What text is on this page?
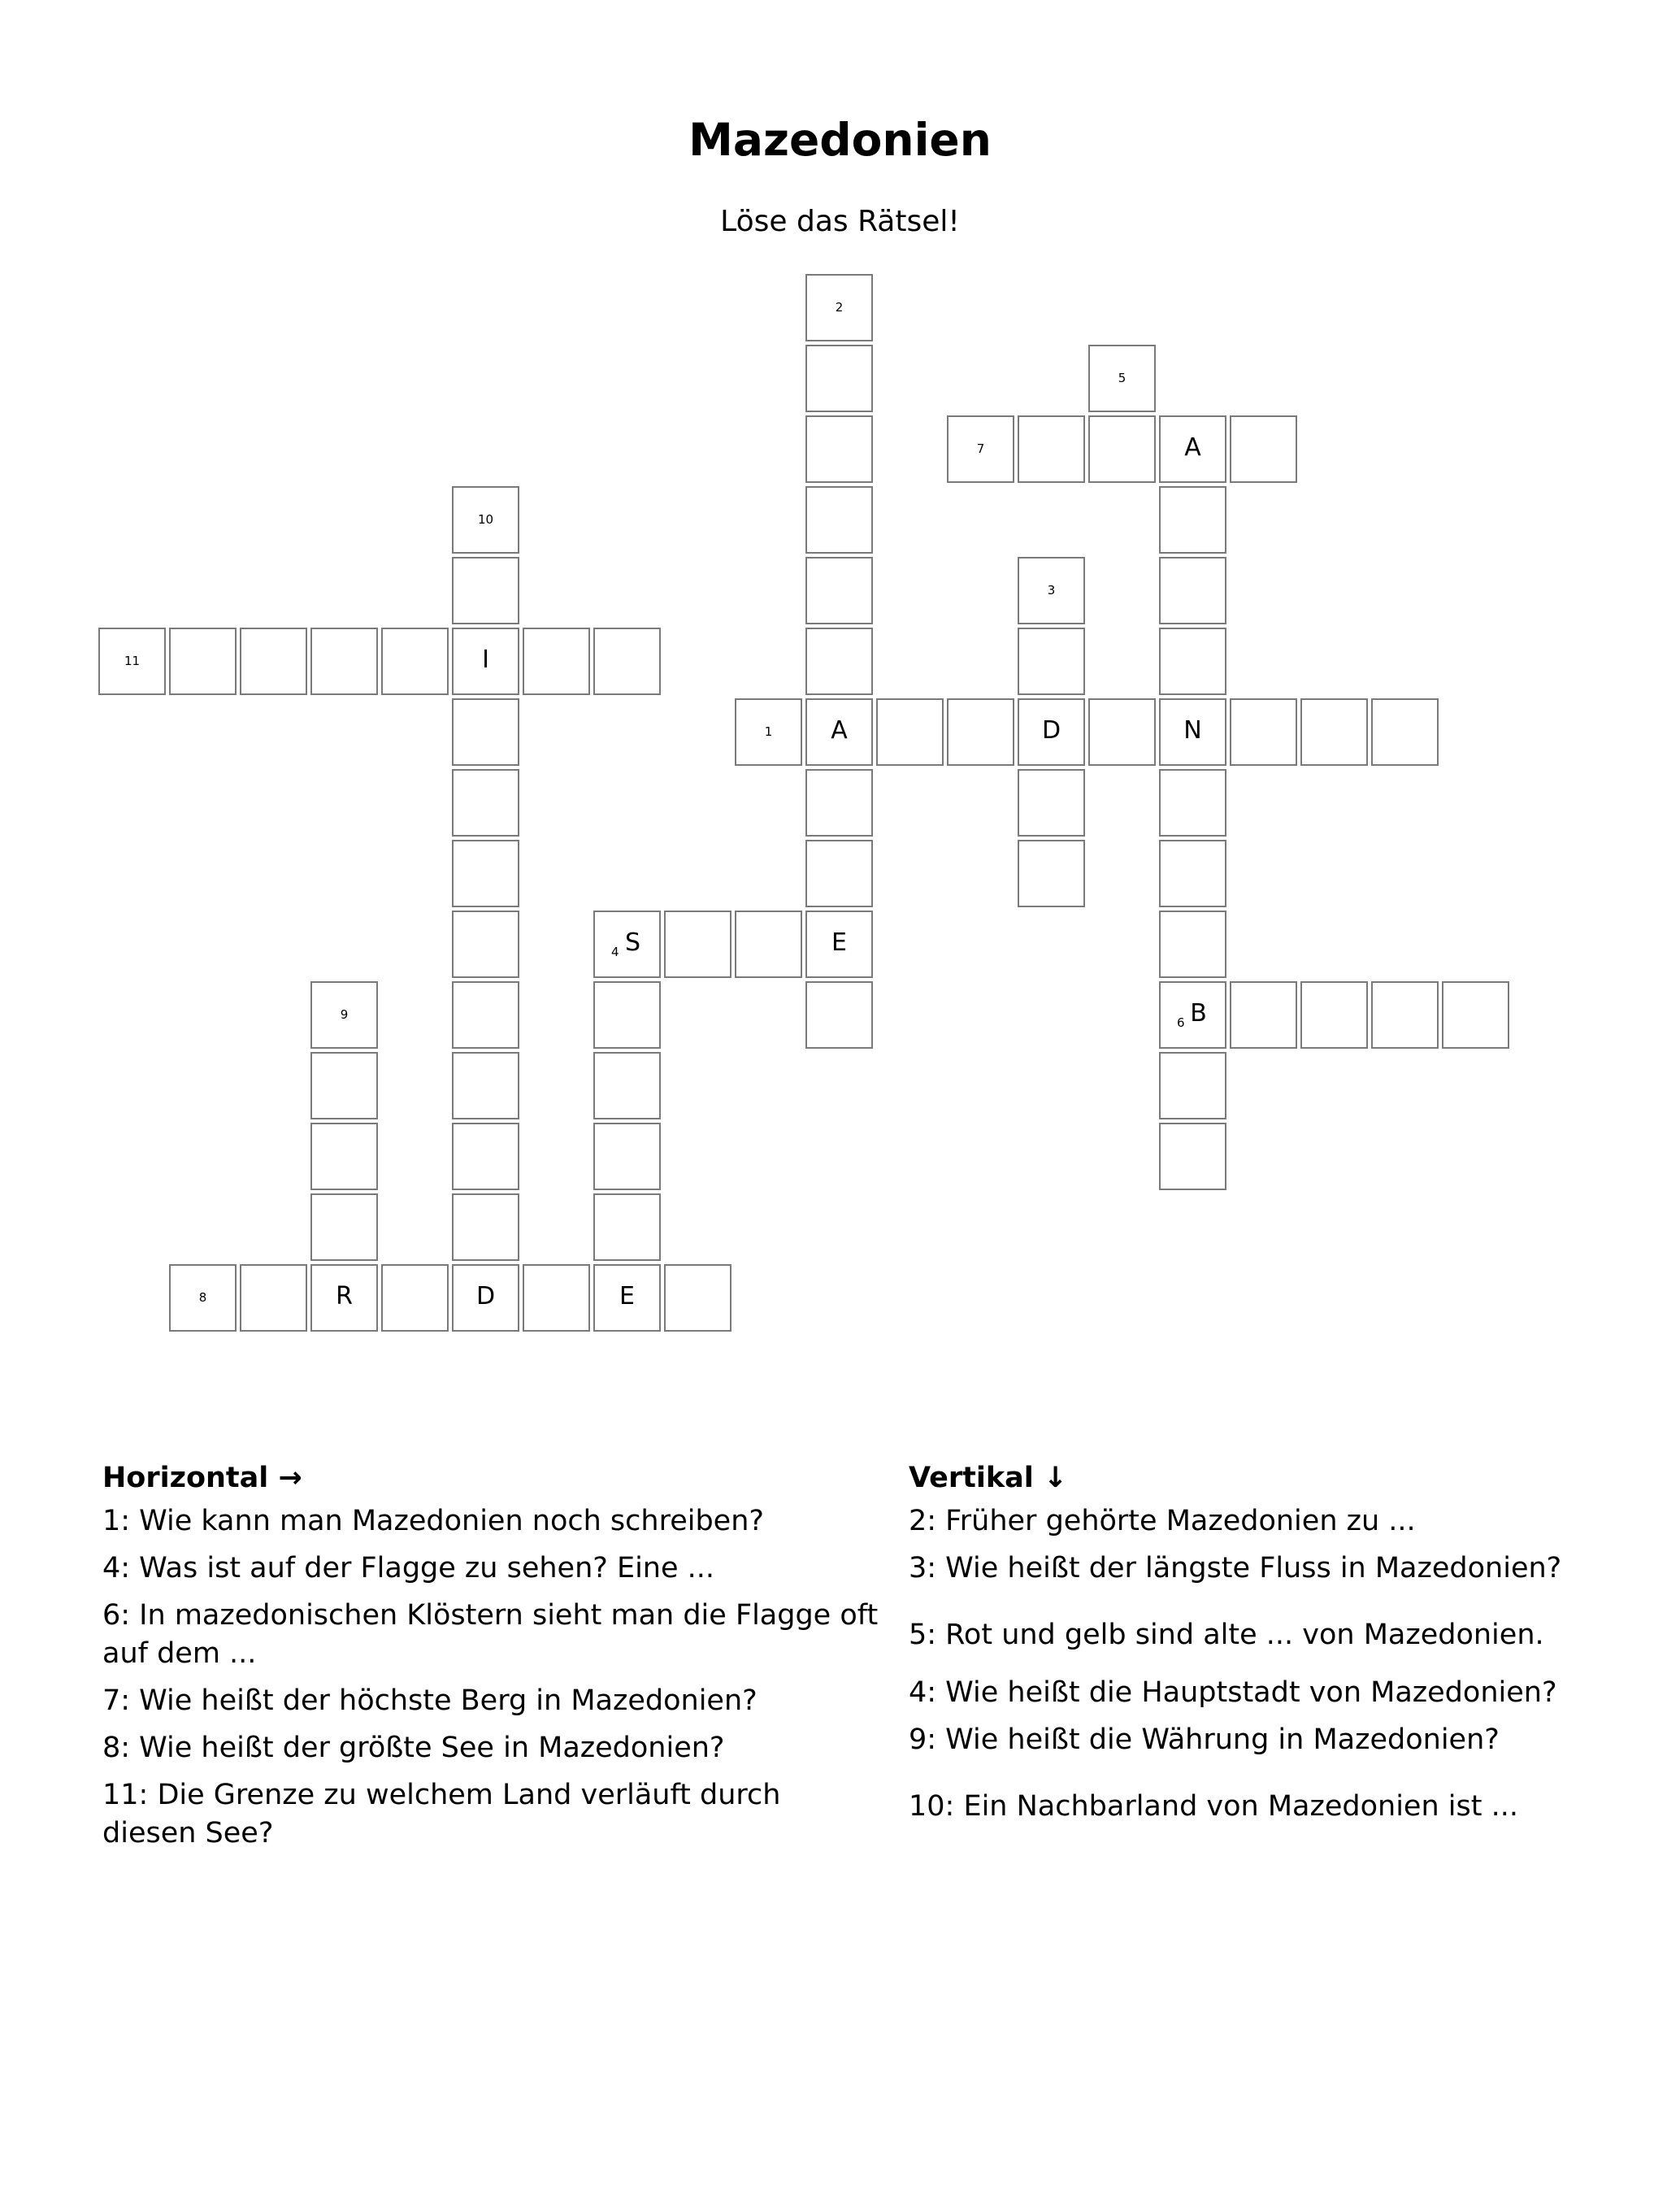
Mazedonien
Löse das Rätsel!
2
A
E
5
7	A
N
6 B
10
I
D
3
D
11
1
4 S
E
9
R
8
Horizontal →
1: Wie kann man Mazedonien noch schreiben?
4: Was ist auf der Flagge zu sehen? Eine ...
6: In mazedonischen Klöstern sieht man die Flagge oft auf dem ...
7: Wie heißt der höchste Berg in Mazedonien?
8: Wie heißt der größte See in Mazedonien?
11: Die Grenze zu welchem Land verläuft durch diesen See?
Vertikal ↓
2: Früher gehörte Mazedonien zu ...
3: Wie heißt der längste Fluss in Mazedonien?
5: Rot und gelb sind alte ... von Mazedonien.
4: Wie heißt die Hauptstadt von Mazedonien?
9: Wie heißt die Währung in Mazedonien?
10: Ein Nachbarland von Mazedonien ist ...
